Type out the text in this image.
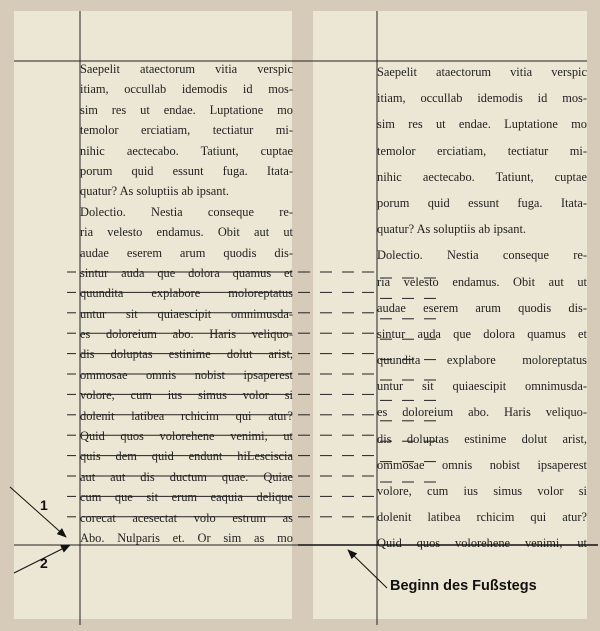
Saepelit ataectorum vitia verspic
itiam, occullab idemodis id mos-
sim res ut endae. Luptatione mo
temolor erciatiam, tectiatur mi-
nihic aectecabo. Tatiunt, cuptae
porum quid essunt fuga. Itata-
quatur? As soluptiis ab ipsant.
Dolectio. Nestia conseque re-
ria velesto endamus. Obit aut ut
audae eserem arum quodis dis-
sintur auda que dolora quamus et
quundita explabore moloreptatus
untur sit quiaescipit omnimusda-
es doloreium abo. Haris veliquo-
dis doluptas estinime dolut arist,
ommosae omnis nobist ipsaperest
volore, cum ius simus volor si
dolenit latibea rchicim qui atur?
Quid quos volorehene venimi, ut
quis dem quid endunt hiLesciscia
aut aut dis ductum quae. Quiae
cum que sit erum eaquia delique
corecat acesectat volo estrum as
Abo. Nulparis et. Or sim as mo
Saepelit ataectorum vitia verspic
itiam, occullab idemodis id mos-
sim res ut endae. Luptatione mo
temolor erciatiam, tectiatur mi-
nihic aectecabo. Tatiunt, cuptae
porum quid essunt fuga. Itata-
quatur? As soluptiis ab ipsant.
Dolectio. Nestia conseque re-
ria velesto endamus. Obit aut ut
audae eserem arum quodis dis-
sintur auda que dolora quamus et
quundita explabore moloreptatus
untur sit quiaescipit omnimusda-
es doloreium abo. Haris veliquo-
dis doluptas estinime dolut arist,
ommosae omnis nobist ipsaperest
volore, cum ius simus volor si
dolenit latibea rchicim qui atur?
Quid quos volorehene venimi, ut
1
2
Beginn des Fußstegs
